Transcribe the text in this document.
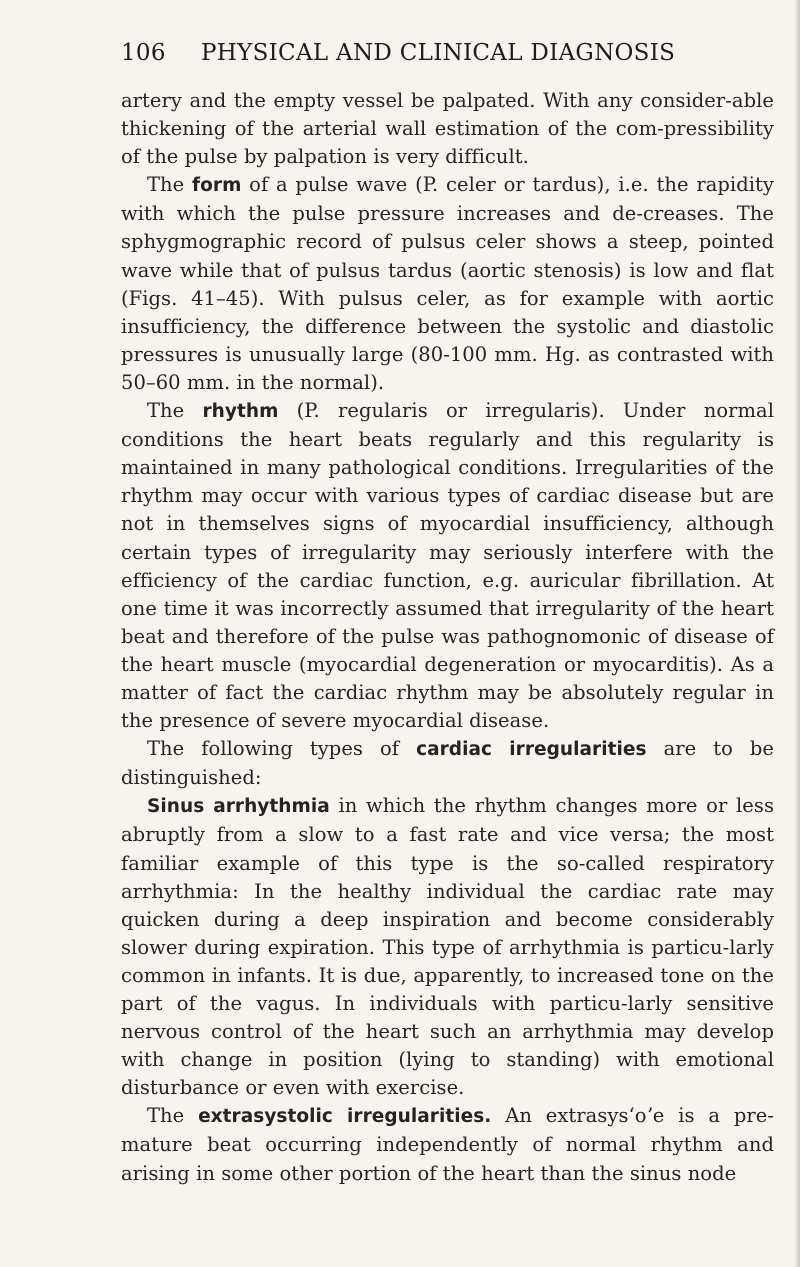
106 PHYSICAL AND CLINICAL DIAGNOSIS

artery and the empty vessel be palpated. With any consider-able thickening of the arterial wall estimation of the com-pressibility of the pulse by palpation is very difficult.

The form of a pulse wave (P. celer or tardus), i.e. the rapidity with which the pulse pressure increases and de-creases. The sphygmographic record of pulsus celer shows a steep, pointed wave while that of pulsus tardus (aortic stenosis) is low and flat (Figs. 41–45). With pulsus celer, as for example with aortic insufficiency, the difference between the systolic and diastolic pressures is unusually large (80-100 mm. Hg. as contrasted with 50–60 mm. in the normal).

The rhythm (P. regularis or irregularis). Under normal conditions the heart beats regularly and this regularity is maintained in many pathological conditions. Irregularities of the rhythm may occur with various types of cardiac disease but are not in themselves signs of myocardial insufficiency, although certain types of irregularity may seriously interfere with the efficiency of the cardiac function, e.g. auricular fibrillation. At one time it was incorrectly assumed that irregularity of the heart beat and therefore of the pulse was pathognomonic of disease of the heart muscle (myocardial degeneration or myocarditis). As a matter of fact the cardiac rhythm may be absolutely regular in the presence of severe myocardial disease.

The following types of cardiac irregularities are to be distinguished:

Sinus arrhythmia in which the rhythm changes more or less abruptly from a slow to a fast rate and vice versa; the most familiar example of this type is the so-called respiratory arrhythmia: In the healthy individual the cardiac rate may quicken during a deep inspiration and become considerably slower during expiration. This type of arrhythmia is particu-larly common in infants. It is due, apparently, to increased tone on the part of the vagus. In individuals with particu-larly sensitive nervous control of the heart such an arrhythmia may develop with change in position (lying to standing) with emotional disturbance or even with exercise.

The extrasystolic irregularities. An extrasys‘oʼe is a pre-mature beat occurring independently of normal rhythm and arising in some other portion of the heart than the sinus node
